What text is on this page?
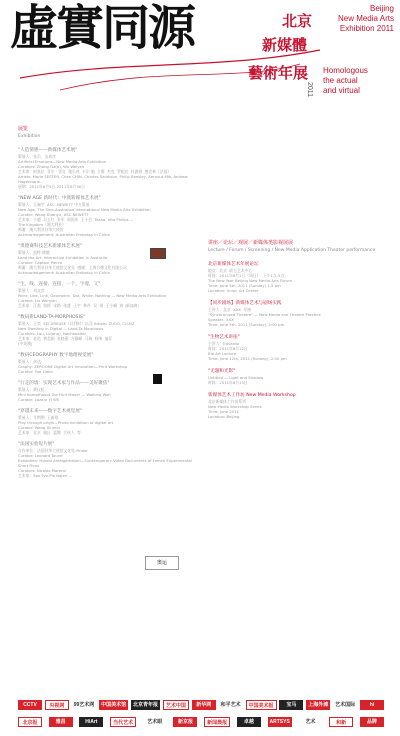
虛實同源	北京
新媒體
藝術年展
Beijing
New Media Arts
Exhibition 2011
2011
Homologous
the actual
and virtual
展览
Exhibition

"人造情感——新媒体艺术展"

策展人：张尕，吴玮彦
Artificial Emotions—New Media Arts Exhibition
Curators: Zhang Ga(o), Wu Weiyen
艺术家：阿莫拉  菲尔 · 雷克  施乐茂  卡尔·施  立斯  杰克  罗根达  杜波顿  德克林（法国）
Artists: Marie SESTER, Chen CHIN, Charles Sandison, Philip Beesley, Aernout Mik, Andrew Hagerstone...
展期：2011年6月5日-2011年6月30日

"NEW AGE 新时代：中澳新媒体艺术展"

策展人：王端宇  ASC  NEWETT 中方策展
New Age, The Sino-Australian International New Media Arts Exhibition
Curator: Wang Duanyu, ASC NEWETT
艺术家：小鹿  吴玉红  张军  周国庆  王小会  Tasha, Vita Philips ...
The Kingdom（澳大利亚）
鸣谢：澳大利亚驻华大使馆
Acknowledgement: Australian Embassy in China

"奥德赛科技艺术新媒体艺术展"

策展人：凯特·博德
Lead the Art: Interactive Exhibition in Australia
Curator: Captain Pierce
鸣谢：澳大利亚驻华大使馆文化处  感谢：上海方德文化有限公司
Acknowledgement: Australian Embassy in China

"生、线、连接、连接、一个，字漫，又"

策展人：刘文彦
Point, Line, Link, Geometric, Dot, White, Nothing — New Media Arts Exhibition
Curator: Liu Wenyan
艺术家：汪霞  郭桥  宋路  张盛  王宇  林丹  吴  胡  王小娴  鸿 (新加坡)

"数码新LAND-TA-MORPHOSIS"

策展人：王奕  SECUREUSE（比利时）以及 Artists: ZUOO, CU-NZ
New Dwelling in Digital — Land-Ta-Morphosis
Curators: Lau, Lu(ong), Nachtwalter
艺术家：老范  黄美娟  张晓燕  方静峰  马瑞  柯纳  迪菲
(中英澳)

"数码CEOGRAPHY 数字地理视觉展"

策展人：余达
Graphy: ZEROONE Digital Art Innovation—Print Workshop
Curator: Yue Liaim

"行走的墙：实现艺术家与作品——美好聚焦"

策展人：黄仪虹
Mini Kampfhaupt Die Fünf Mauer — Walking Wall
Curator: Lazaro YI WE

"穿越未来——数字艺术视觉展"

策展人：艾荆荆  王新铭
Play through origin—Photo exhibition of digital art
Curator: Wang Xinmin
艺术家：北京  地区  蓝鲸  合伙人  等

"法国实验短片展"

合作单位：法国驻华大使馆文化处-Finale
Curator: Leonard Taurel
Exhibition: Hybrid Amalgamation—Contemporary Video Documents of French Experimental Short Films
Curators: Nicolas Moreno
艺术家：San Fyo-Pin Najerl ...

奥运
讲座／论坛／观展／新媒体类影视展展
Lecture / Forum / Screening / New Media Application Theater performance

北京新媒体艺术年展论坛

地点：北京  联合艺术中心
时间：2011年6月1日（周日）  下午1点-5点
The New Year Beijing New Media Arts Forum
Time: June 5th, 2011 (Sunday) 1-5 pm
Location: Union Art Center

【同步剧场】新媒体艺术与剧场实践

主讲人：北京  XXX  导演
"Synchronized Theatre" — New Media and Theatre Practice
Speaker: XXX
Time: June 5th, 2011 (Sunday), 2:00 pm

"生物艺术讲座"

主讲人：Eduardo
时间：2011年6月12日
Bio Art Lecture
Time: June 12th, 2011 (Sunday), 2:00 pm

"无题和光影"

Untitled — Light and Shadow
时间：2011年6月15日

新媒体艺术工作坊 New Media Workshop

北京新媒体工作坊系列
New Media Workshop Series
Time: June 2011
Location: Beijing

CCTV	央视网	99艺术网	中国美术馆	北京青年报	艺术中国	新华网	和平艺术	中国美术报	宝马	上海外滩	艺术国际	hi
北京报	雅昌	HiArt	当代艺术	艺术眼	新京报	新闻晨报	卓越	ARTSYS	艺术	和新	品牌
